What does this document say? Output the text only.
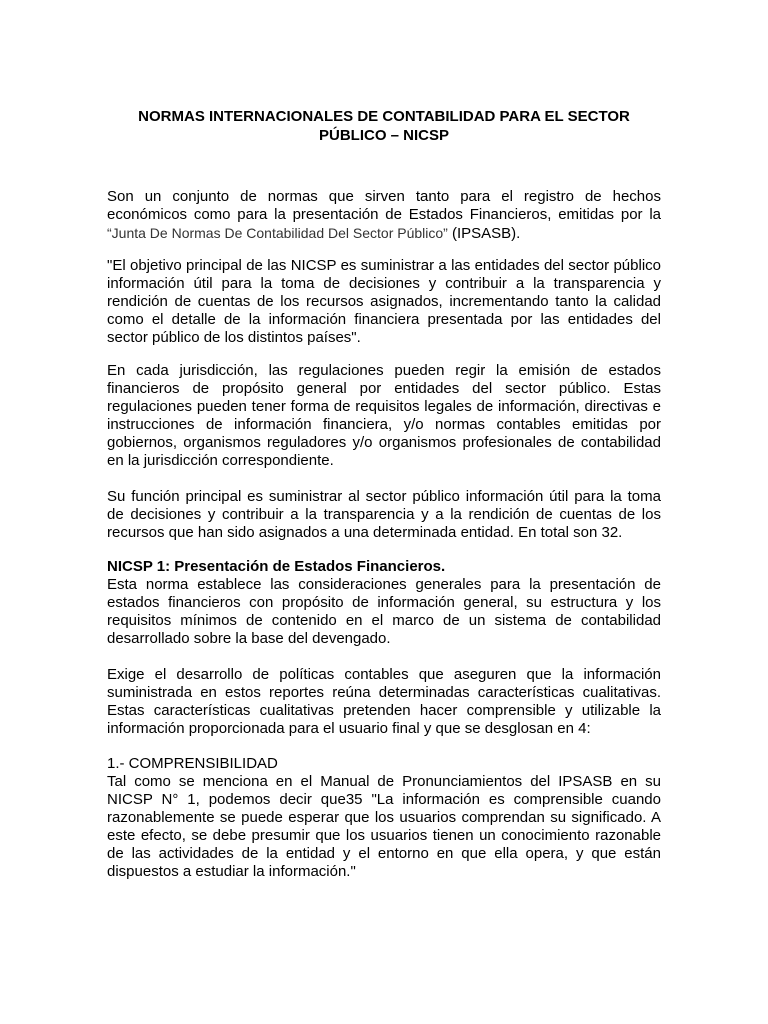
NORMAS INTERNACIONALES DE CONTABILIDAD PARA EL SECTOR
PÚBLICO – NICSP
Son un conjunto de normas que sirven tanto para el registro de hechos
económicos como para la presentación de Estados Financieros, emitidas por la
“Junta De Normas De Contabilidad Del Sector Público” (IPSASB).
"El objetivo principal de las NICSP es suministrar a las entidades del sector público
información útil para la toma de decisiones y contribuir a la transparencia y
rendición de cuentas de los recursos asignados, incrementando tanto la calidad
como el detalle de la información financiera presentada por las entidades del
sector público de los distintos países".
En cada jurisdicción, las regulaciones pueden regir la emisión de estados
financieros de propósito general por entidades del sector público. Estas
regulaciones pueden tener forma de requisitos legales de información, directivas e
instrucciones de información financiera, y/o normas contables emitidas por
gobiernos, organismos reguladores y/o organismos profesionales de contabilidad
en la jurisdicción correspondiente.
Su función principal es suministrar al sector público información útil para la toma
de decisiones y contribuir a la transparencia y a la rendición de cuentas de los
recursos que han sido asignados a una determinada entidad. En total son 32.
NICSP 1: Presentación de Estados Financieros.
Esta norma establece las consideraciones generales para la presentación de
estados financieros con propósito de información general, su estructura y los
requisitos mínimos de contenido en el marco de un sistema de contabilidad
desarrollado sobre la base del devengado.
Exige el desarrollo de políticas contables que aseguren que la información
suministrada en estos reportes reúna determinadas características cualitativas.
Estas características cualitativas pretenden hacer comprensible y utilizable la
información proporcionada para el usuario final y que se desglosan en 4:
1.- COMPRENSIBILIDAD
Tal como se menciona en el Manual de Pronunciamientos del IPSASB en su
NICSP N° 1, podemos decir que35 "La información es comprensible cuando
razonablemente se puede esperar que los usuarios comprendan su significado. A
este efecto, se debe presumir que los usuarios tienen un conocimiento razonable
de las actividades de la entidad y el entorno en que ella opera, y que están
dispuestos a estudiar la información."
